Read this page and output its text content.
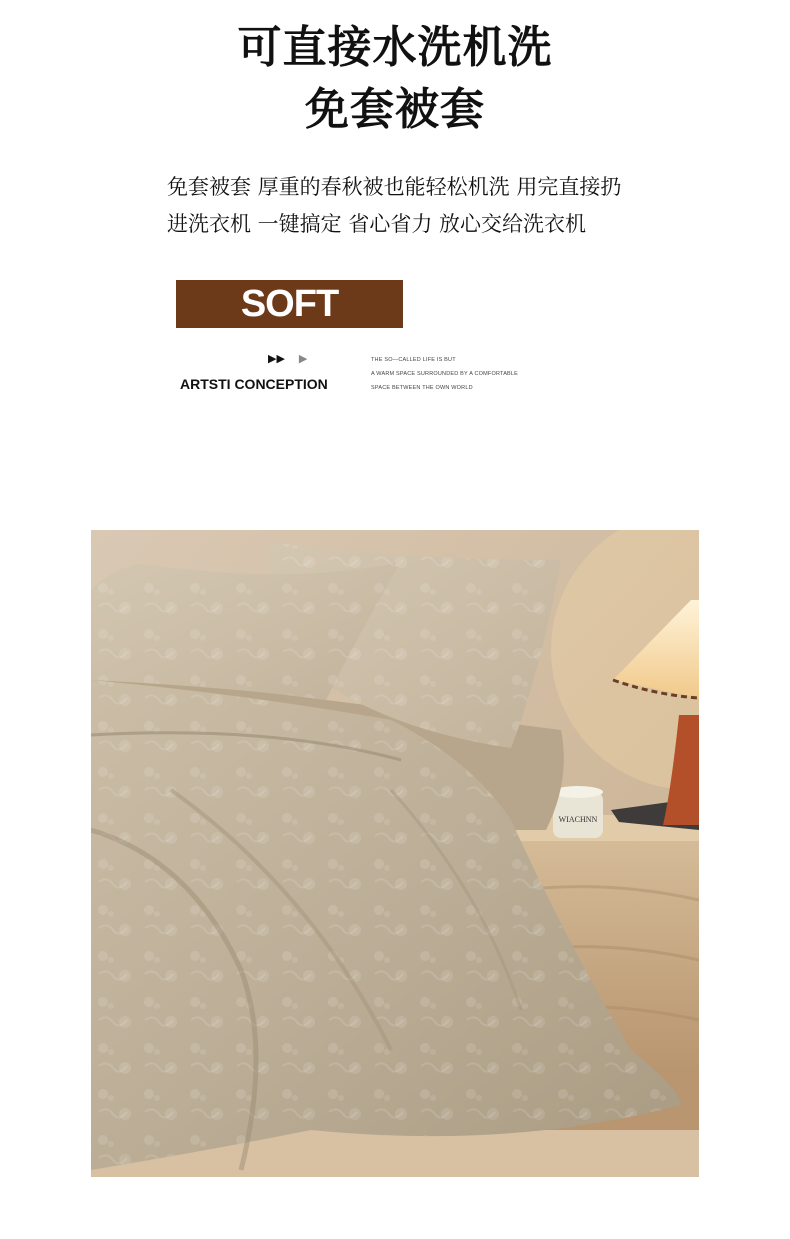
可直接水洗机洗
免套被套
免套被套 厚重的春秋被也能轻松机洗 用完直接扔
进洗衣机 一键搞定 省心省力 放心交给洗衣机
SOFT
▶▶ ▶
ARTSTI CONCEPTION
THE SO—CALLED LIFE IS BUT
A WARM SPACE SURROUNDED BY A COMFORTABLE
SPACE BETWEEN THE OWN WORLD
WIACHNN
